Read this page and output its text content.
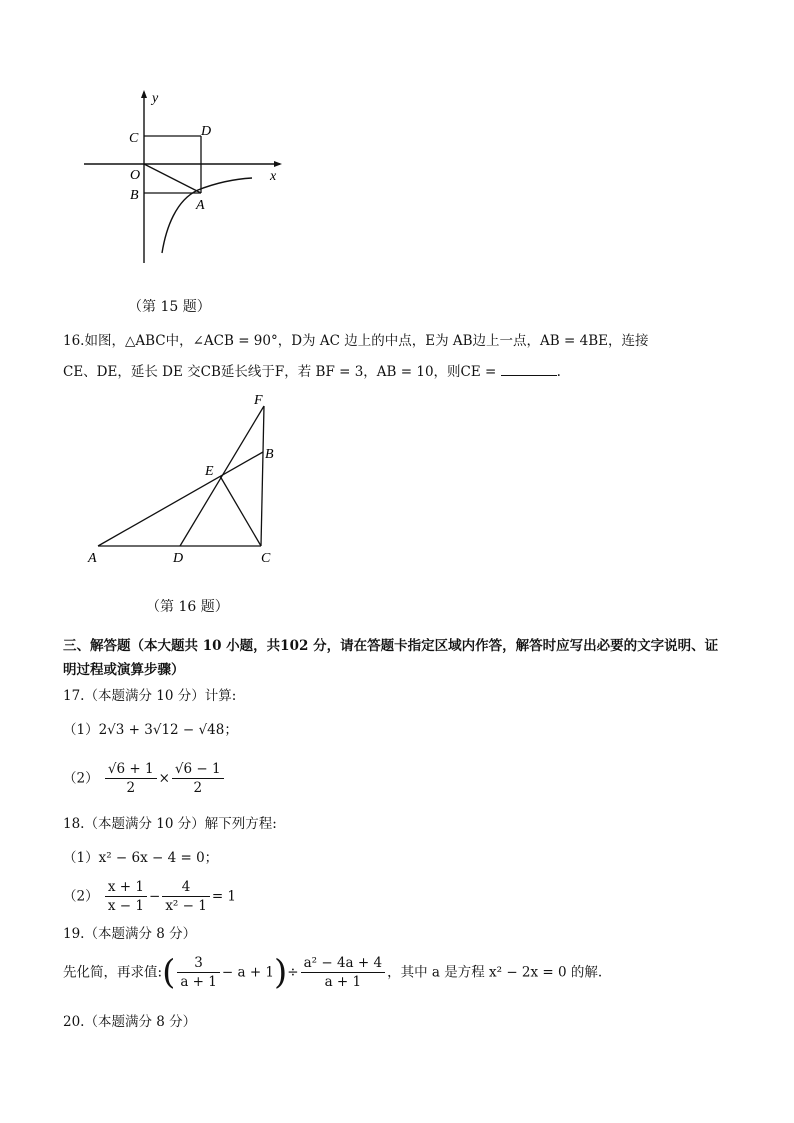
y
x
C	D
O
B
A
（第 15 题）
16.如图，△ABC中，∠ACB = 90°，D为 AC 边上的中点，E为 AB边上一点，AB = 4BE，连接
CE、DE，延长 DE 交CB延长线于F，若 BF = 3，AB = 10，则CE =	.
F
B
E
A	D	C
（第 16 题）
三、解答题（本大题共 10 小题，共102 分，请在答题卡指定区域内作答，解答时应写出必要的文字说明、证
明过程或演算步骤）
17.（本题满分 10 分）计算:
（1）2√3 + 3√12 − √48；
$(2) \frac{√6 + 1}{2} \times \frac{√6 - 1}{2}$
18.（本题满分 10 分）解下列方程:
（1）x² − 6x − 4 = 0；
$(2) \frac{x + 1}{x - 1} - \frac{4}{\text{x² − 1}} = 1$
19.（本题满分 8 分）
先化简，再求值:( $\frac{3}{a + 1} - a + 1)\div \frac{\text{a² − 4a + 4}}{a + 1}$ ，其中 a 是方程 x² − 2x = 0 的解.
20.（本题满分 8 分）
